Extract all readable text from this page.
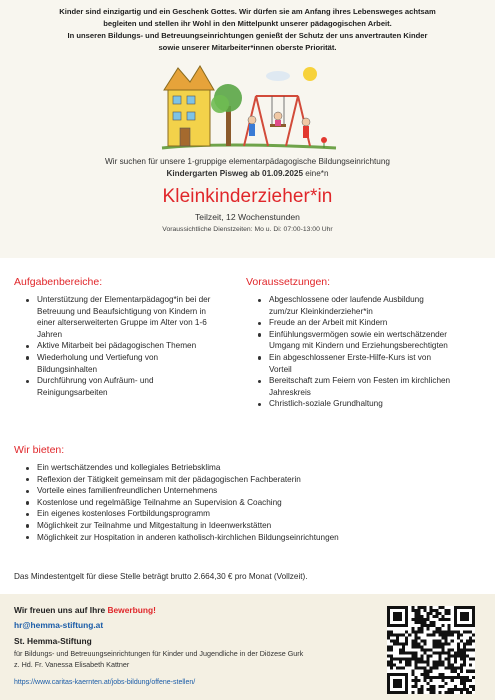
Kinder sind einzigartig und ein Geschenk Gottes. Wir dürfen sie am Anfang ihres Lebensweges achtsam
begleiten und stellen ihr Wohl in den Mittelpunkt unserer pädagogischen Arbeit.
In unseren Bildungs- und Betreuungseinrichtungen genießt der Schutz der uns anvertrauten Kinder
sowie unserer Mitarbeiter*innen oberste Priorität.
Wir suchen für unsere 1-gruppige elementarpädagogische Bildungseinrichtung
Kindergarten Pisweg ab 01.09.2025 eine*n
Kleinkinderzieher*in
Teilzeit, 12 Wochenstunden
Voraussichtliche Dienstzeiten: Mo u. Di: 07:00-13:00 Uhr
Aufgabenbereiche:
Unterstützung der Elementarpädagog*in bei der
Betreuung und Beaufsichtigung von Kindern in
einer alterserweiterten Gruppe im Alter von 1-6
Jahren
Aktive Mitarbeit bei pädagogischen Themen
Wiederholung und Vertiefung von
Bildungsinhalten
Durchführung von Aufräum- und
Reinigungsarbeiten
Voraussetzungen:
Abgeschlossene oder laufende Ausbildung
zum/zur Kleinkinderzieher*in
Freude an der Arbeit mit Kindern
Einfühlungsvermögen sowie ein wertschätzender
Umgang mit Kindern und Erziehungsberechtigten
Ein abgeschlossener Erste-Hilfe-Kurs ist von
Vorteil
Bereitschaft zum Feiern von Festen im kirchlichen
Jahreskreis
Christlich-soziale Grundhaltung
Wir bieten:
Ein wertschätzendes und kollegiales Betriebsklima
Reflexion der Tätigkeit gemeinsam mit der pädagogischen Fachberaterin
Vorteile eines familienfreundlichen Unternehmens
Kostenlose und regelmäßige Teilnahme an Supervision & Coaching
Ein eigenes kostenloses Fortbildungsprogramm
Möglichkeit zur Teilnahme und Mitgestaltung in Ideenwerkstätten
Möglichkeit zur Hospitation in anderen katholisch-kirchlichen Bildungseinrichtungen
Das Mindestentgelt für diese Stelle beträgt brutto 2.664,30 € pro Monat (Vollzeit).
Wir freuen uns auf Ihre Bewerbung!
hr@hemma-stiftung.at
St. Hemma-Stiftung
für Bildungs- und Betreuungseinrichtungen für Kinder und Jugendliche in der Diözese Gurk
z. Hd. Fr. Vanessa Elisabeth Kattner
https://www.caritas-kaernten.at/jobs-bildung/offene-stellen/
